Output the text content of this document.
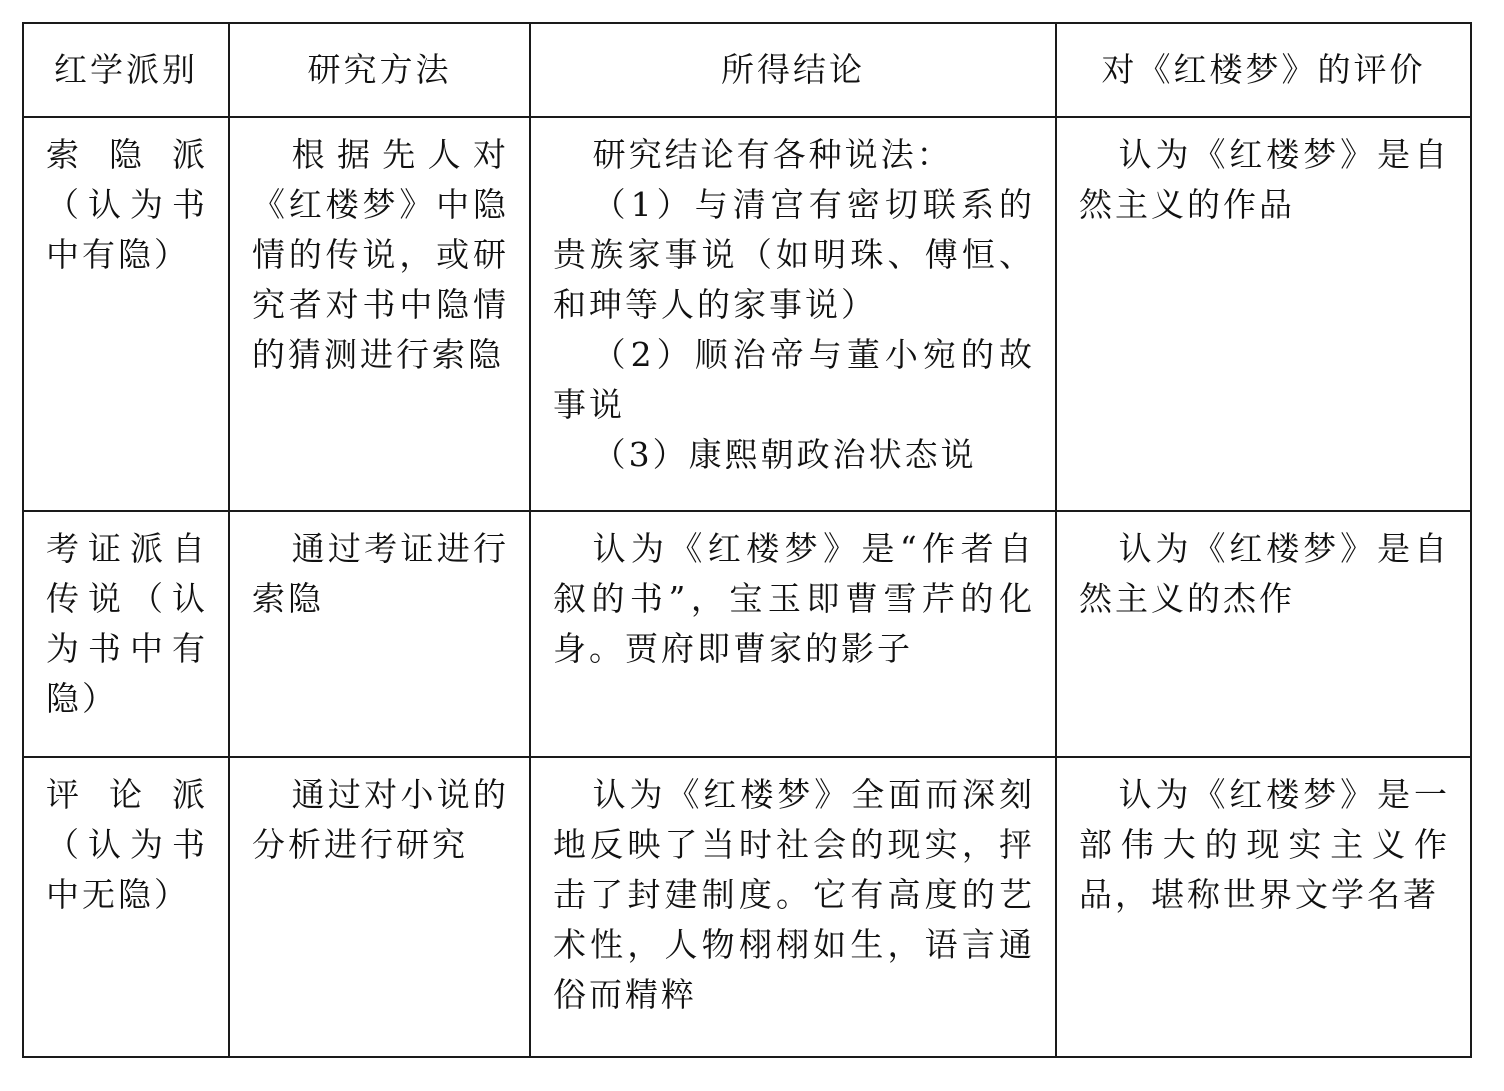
红学派别	研究方法	所得结论	对《红楼梦》的评价

索隐派（认为书中有隐）	根据先人对《红楼梦》中隐情的传说，或研究者对书中隐情的猜测进行索隐	研究结论有各种说法：
（1）与清宫有密切联系的贵族家事说（如明珠、傅恒、和珅等人的家事说）
（2）顺治帝与董小宛的故事说
（3）康熙朝政治状态说	认为《红楼梦》是自然主义的作品

考证派自传说（认为书中有隐）	通过考证进行索隐	认为《红楼梦》是“作者自叙的书”，宝玉即曹雪芹的化身。贾府即曹家的影子	认为《红楼梦》是自然主义的杰作

评论派（认为书中无隐）	通过对小说的分析进行研究	认为《红楼梦》全面而深刻地反映了当时社会的现实，抨击了封建制度。它有高度的艺术性，人物栩栩如生，语言通俗而精粹	认为《红楼梦》是一部伟大的现实主义作品，堪称世界文学名著
